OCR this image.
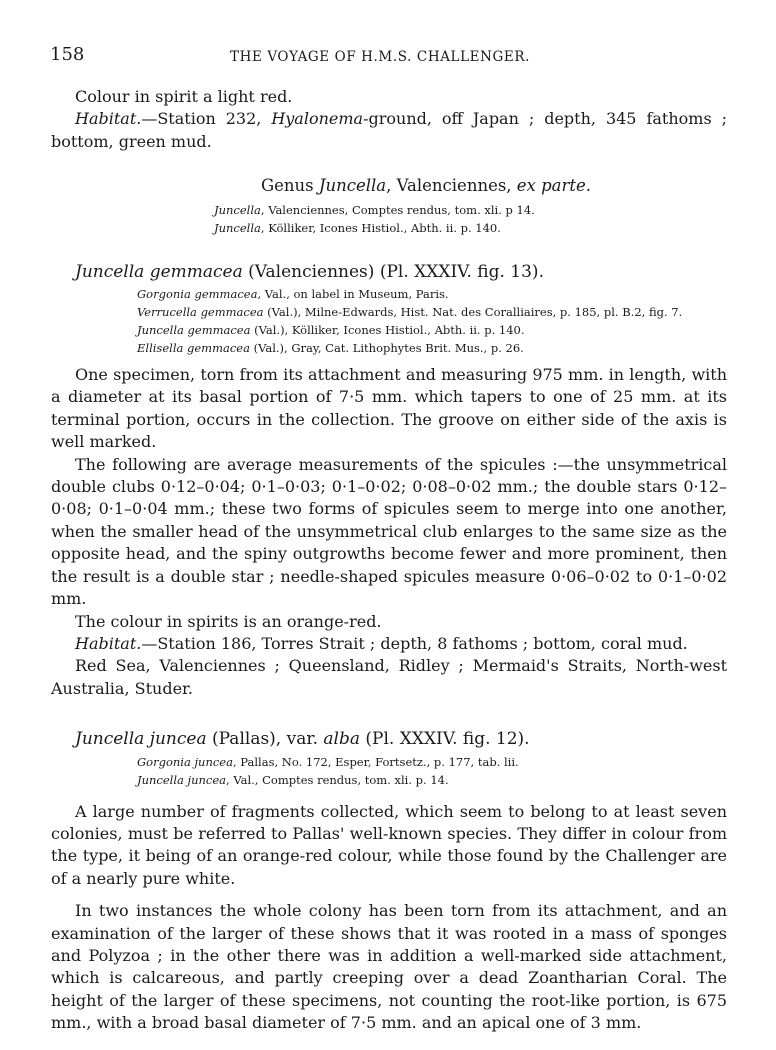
158	THE VOYAGE OF H.M.S. CHALLENGER.

Colour in spirit a light red.

Habitat.—Station 232, Hyalonema-ground, off Japan ; depth, 345 fathoms ; bottom, green mud.

Genus Juncella, Valenciennes, ex parte.

Juncella, Valenciennes, Comptes rendus, tom. xli. p 14.
Juncella, Kölliker, Icones Histiol., Abth. ii. p. 140.

Juncella gemmacea (Valenciennes) (Pl. XXXIV. fig. 13).

Gorgonia gemmacea, Val., on label in Museum, Paris.
Verrucella gemmacea (Val.), Milne-Edwards, Hist. Nat. des Coralliaires, p. 185, pl. B.2, fig. 7.
Juncella gemmacea (Val.), Kölliker, Icones Histiol., Abth. ii. p. 140.
Ellisella gemmacea (Val.), Gray, Cat. Lithophytes Brit. Mus., p. 26.

One specimen, torn from its attachment and measuring 975 mm. in length, with a diameter at its basal portion of 7·5 mm. which tapers to one of 25 mm. at its terminal portion, occurs in the collection. The groove on either side of the axis is well marked.

The following are average measurements of the spicules :—the unsymmetrical double clubs 0·12–0·04; 0·1–0·03; 0·1–0·02; 0·08–0·02 mm.; the double stars 0·12–0·08; 0·1–0·04 mm.; these two forms of spicules seem to merge into one another, when the smaller head of the unsymmetrical club enlarges to the same size as the opposite head, and the spiny outgrowths become fewer and more prominent, then the result is a double star ; needle-shaped spicules measure 0·06–0·02 to 0·1–0·02 mm.

The colour in spirits is an orange-red.

Habitat.—Station 186, Torres Strait ; depth, 8 fathoms ; bottom, coral mud.

Red Sea, Valenciennes ; Queensland, Ridley ; Mermaid's Straits, North-west Australia, Studer.

Juncella juncea (Pallas), var. alba (Pl. XXXIV. fig. 12).

Gorgonia juncea, Pallas, No. 172, Esper, Fortsetz., p. 177, tab. lii.
Juncella juncea, Val., Comptes rendus, tom. xli. p. 14.

A large number of fragments collected, which seem to belong to at least seven colonies, must be referred to Pallas' well-known species. They differ in colour from the type, it being of an orange-red colour, while those found by the Challenger are of a nearly pure white.

In two instances the whole colony has been torn from its attachment, and an examination of the larger of these shows that it was rooted in a mass of sponges and Polyzoa ; in the other there was in addition a well-marked side attachment, which is calcareous, and partly creeping over a dead Zoantharian Coral. The height of the larger of these specimens, not counting the root-like portion, is 675 mm., with a broad basal diameter of 7·5 mm. and an apical one of 3 mm.
